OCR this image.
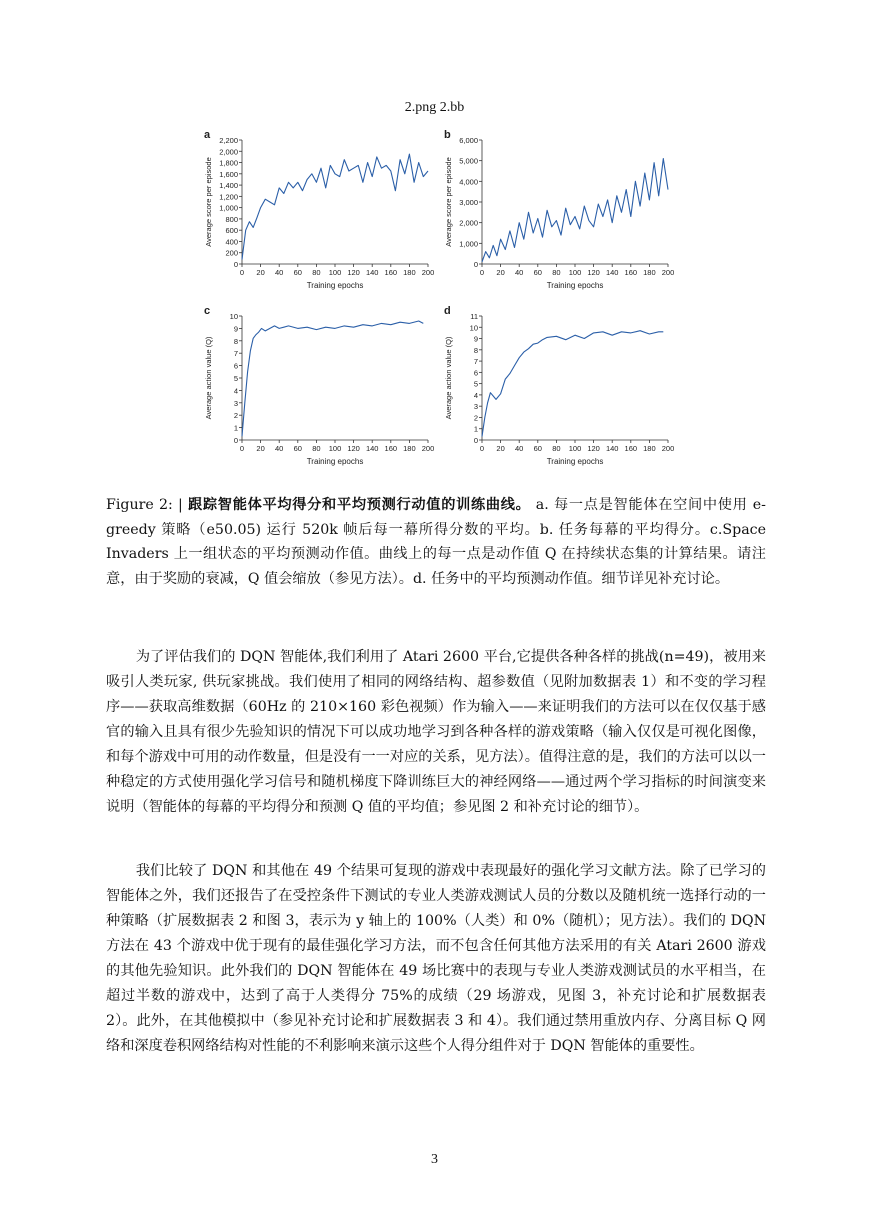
2.png 2.bb
a
0
200
400
600
800
1,000
1,200
1,400
1,600
1,800
2,000
2,200
0 20 40 60 80 100 120 140 160 180 200
Training epochs
Average score per episode
b
0
1,000
2,000
3,000
4,000
5,000
6,000
0 20 40 60 80 100 120 140 160 180 200
Training epochs
Average score per episode
c
0
1
2
3
4
5
6
7
8
9
10
0 20 40 60 80 100 120 140 160 180 200
Training epochs
Average action value (Q)
d
0
1
2
3
4
5
6
7
8
9
10
11
0 20 40 60 80 100 120 140 160 180 200
Training epochs
Average action value (Q)
Figure 2: | 跟踪智能体平均得分和平均预测行动值的训练曲线。 a. 每一点是智能体在空间中使用 e-greedy 策略（e50.05) 运行 520k 帧后每一幕所得分数的平均。b. 任务每幕的平均得分。c.Space Invaders 上一组状态的平均预测动作值。曲线上的每一点是动作值 Q 在持续状态集的计算结果。请注意，由于奖励的衰减，Q 值会缩放（参见方法）。d. 任务中的平均预测动作值。细节详见补充讨论。

为了评估我们的 DQN 智能体,我们利用了 Atari 2600 平台,它提供各种各样的挑战(n=49)，被用来吸引人类玩家, 供玩家挑战。我们使用了相同的网络结构、超参数值（见附加数据表 1）和不变的学习程序——获取高维数据（60Hz 的 210×160 彩色视频）作为输入——来证明我们的方法可以在仅仅基于感官的输入且具有很少先验知识的情况下可以成功地学习到各种各样的游戏策略（输入仅仅是可视化图像，和每个游戏中可用的动作数量，但是没有一一对应的关系，见方法）。值得注意的是，我们的方法可以以一种稳定的方式使用强化学习信号和随机梯度下降训练巨大的神经网络——通过两个学习指标的时间演变来说明（智能体的每幕的平均得分和预测 Q 值的平均值；参见图 2 和补充讨论的细节）。

我们比较了 DQN 和其他在 49 个结果可复现的游戏中表现最好的强化学习文献方法。除了已学习的智能体之外，我们还报告了在受控条件下测试的专业人类游戏测试人员的分数以及随机统一选择行动的一种策略（扩展数据表 2 和图 3，表示为 y 轴上的 100%（人类）和 0%（随机）；见方法）。我们的 DQN 方法在 43 个游戏中优于现有的最佳强化学习方法，而不包含任何其他方法采用的有关 Atari 2600 游戏的其他先验知识。此外我们的 DQN 智能体在 49 场比赛中的表现与专业人类游戏测试员的水平相当，在超过半数的游戏中，达到了高于人类得分 75%的成绩（29 场游戏，见图 3，补充讨论和扩展数据表 2）。此外，在其他模拟中（参见补充讨论和扩展数据表 3 和 4）。我们通过禁用重放内存、分离目标 Q 网络和深度卷积网络结构对性能的不利影响来演示这些个人得分组件对于 DQN 智能体的重要性。

3
